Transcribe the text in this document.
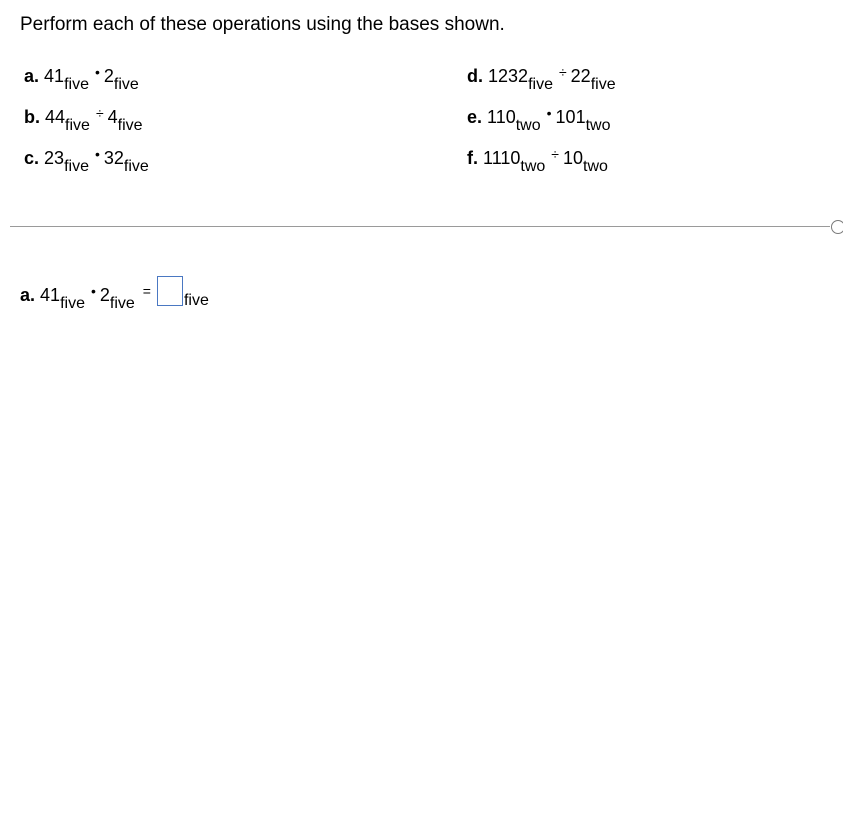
Perform each of these operations using the bases shown.
a. $41_{five}•$ $2_{five}$
b. $44_{five}\div 4_{five}$
c. $23_{five}•$ $32_{five}$
d. $1232_{five}\div 22_{five}$
e. $110_{two}•$ $101_{two}$
f. $1110_{two}\div 10_{two}$
a. $41_{five}•$ $2_{five}=five$
